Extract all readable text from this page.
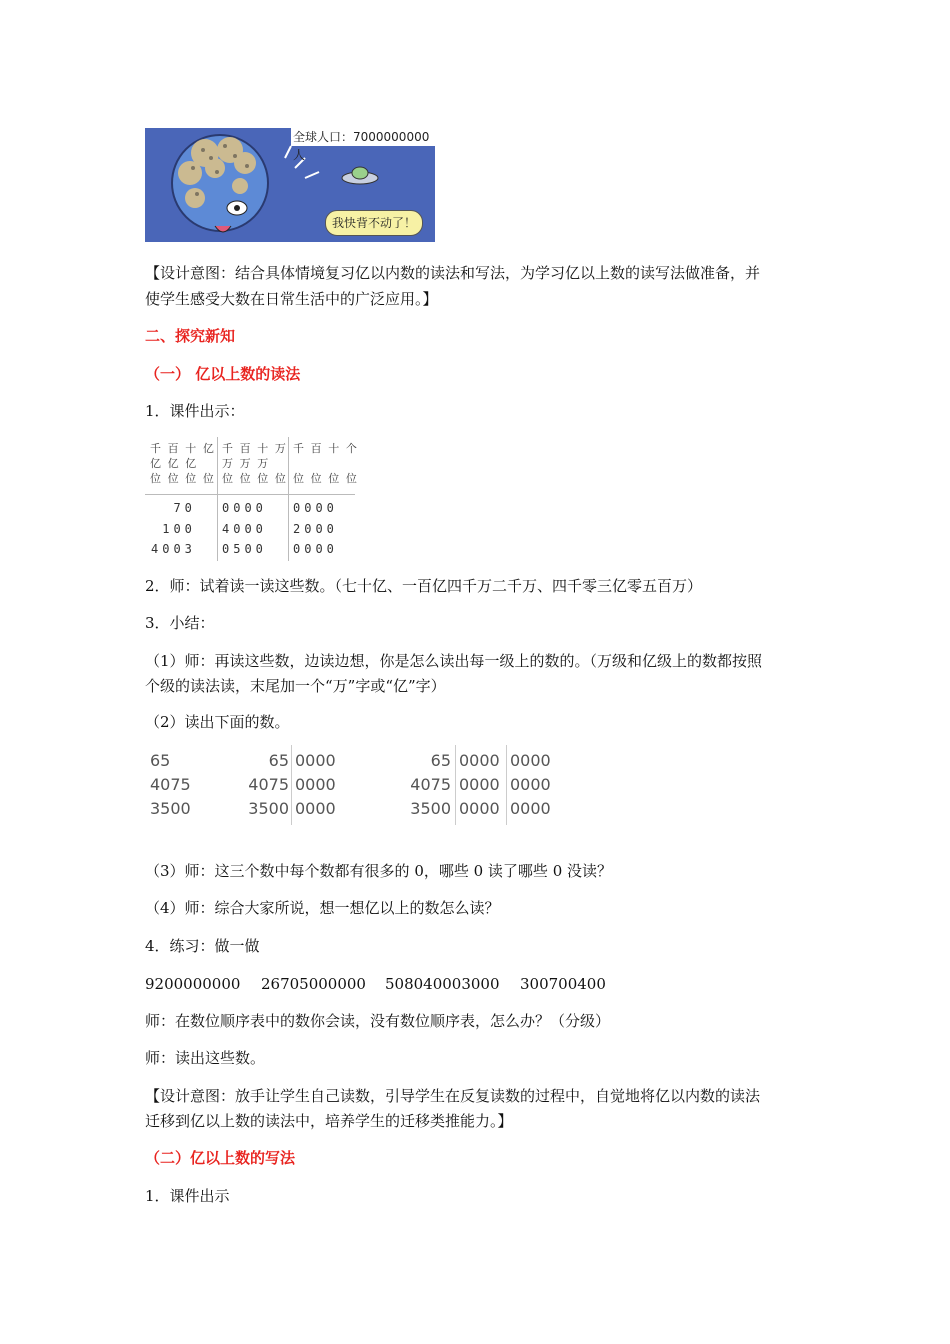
全球人口：7000000000人
我快背不动了！
【设计意图：结合具体情境复习亿以内数的读法和写法，为学习亿以上数的读写法做准备，并
使学生感受大数在日常生活中的广泛应用。】
二、探究新知
（一） 亿以上数的读法
1．课件出示：
千 百 十 亿
亿 亿 亿
位 位 位 位
千 百 十 万
万 万 万
位 位 位 位
千 百 十 个

位 位 位 位
70 0000 0000
100 4000 2000
4003 0500 0000
2．师：试着读一读这些数。（七十亿、一百亿四千万二千万、四千零三亿零五百万）
3．小结：
（1）师：再读这些数，边读边想，你是怎么读出每一级上的数的。（万级和亿级上的数都按照
个级的读法读，末尾加一个“万”字或“亿”字）
（2）读出下面的数。
65
4075
3500
65
4075
3500
0000
0000
0000
65
4075
3500
0000
0000
0000
0000
0000
0000
（3）师：这三个数中每个数都有很多的 0，哪些 0 读了哪些 0 没读？
（4）师：综合大家所说，想一想亿以上的数怎么读？
4．练习：做一做
9200000000 26705000000 508040003000 300700400
师：在数位顺序表中的数你会读，没有数位顺序表，怎么办？（分级）
师：读出这些数。
【设计意图：放手让学生自己读数，引导学生在反复读数的过程中，自觉地将亿以内数的读法
迁移到亿以上数的读法中，培养学生的迁移类推能力。】
（二）亿以上数的写法
1．课件出示
